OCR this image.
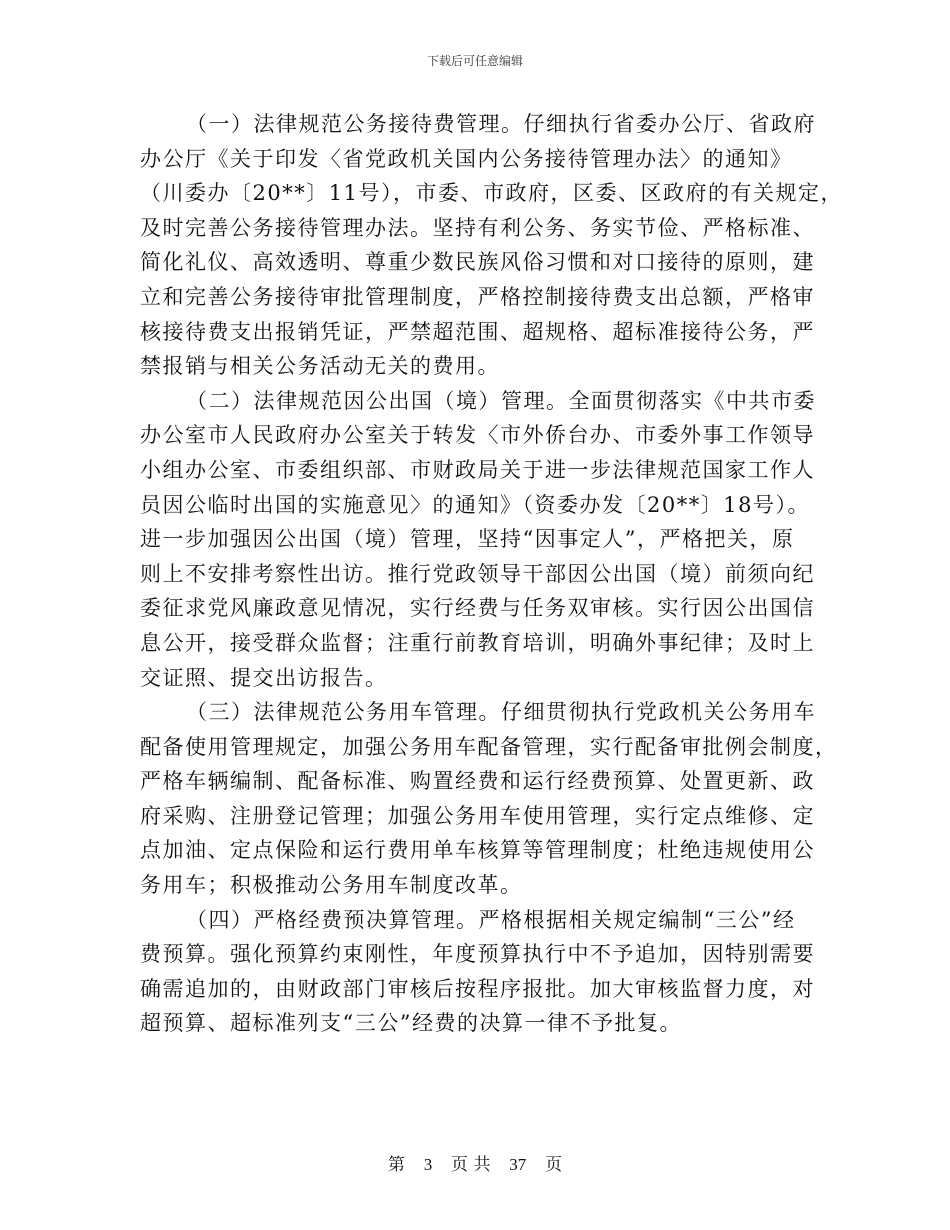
下载后可任意编辑
（一）法律规范公务接待费管理。仔细执行省委办公厅、省政府
办公厅《关于印发〈省党政机关国内公务接待管理办法〉的通知》
（川委办〔20**〕11号），市委、市政府，区委、区政府的有关规定，
及时完善公务接待管理办法。坚持有利公务、务实节俭、严格标准、
简化礼仪、高效透明、尊重少数民族风俗习惯和对口接待的原则，建
立和完善公务接待审批管理制度，严格控制接待费支出总额，严格审
核接待费支出报销凭证，严禁超范围、超规格、超标准接待公务，严
禁报销与相关公务活动无关的费用。
（二）法律规范因公出国（境）管理。全面贯彻落实《中共市委
办公室市人民政府办公室关于转发〈市外侨台办、市委外事工作领导
小组办公室、市委组织部、市财政局关于进一步法律规范国家工作人
员因公临时出国的实施意见〉的通知》（资委办发〔20**〕18号）。
进一步加强因公出国（境）管理，坚持“因事定人”，严格把关，原
则上不安排考察性出访。推行党政领导干部因公出国（境）前须向纪
委征求党风廉政意见情况，实行经费与任务双审核。实行因公出国信
息公开，接受群众监督；注重行前教育培训，明确外事纪律；及时上
交证照、提交出访报告。
（三）法律规范公务用车管理。仔细贯彻执行党政机关公务用车
配备使用管理规定，加强公务用车配备管理，实行配备审批例会制度，
严格车辆编制、配备标准、购置经费和运行经费预算、处置更新、政
府采购、注册登记管理；加强公务用车使用管理，实行定点维修、定
点加油、定点保险和运行费用单车核算等管理制度；杜绝违规使用公
务用车；积极推动公务用车制度改革。
（四）严格经费预决算管理。严格根据相关规定编制“三公”经
费预算。强化预算约束刚性，年度预算执行中不予追加，因特别需要
确需追加的，由财政部门审核后按程序报批。加大审核监督力度，对
超预算、超标准列支“三公”经费的决算一律不予批复。
第 3 页 共 37 页
